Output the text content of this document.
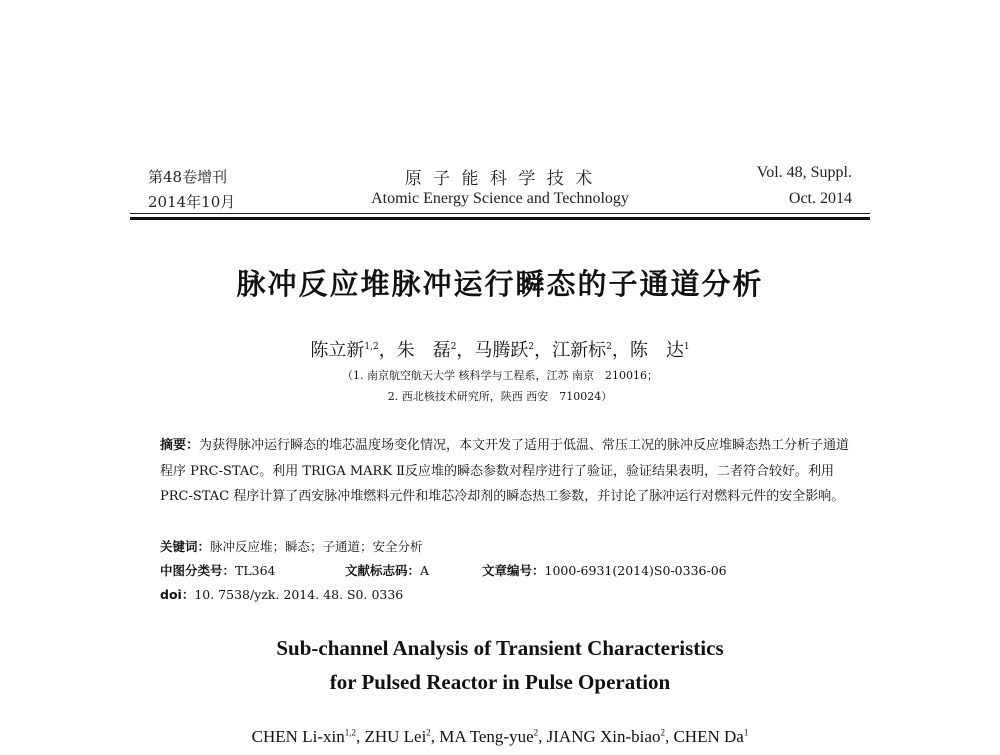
第48卷增刊
2014年10月
原 子 能 科 学 技 术
Atomic Energy Science and Technology
Vol. 48, Suppl.
Oct. 2014
脉冲反应堆脉冲运行瞬态的子通道分析
陈立新$^{1,2}$，朱　磊$^2$，马腾跃$^2$，江新标$^2$，陈　达$^1$
（1. 南京航空航天大学 核科学与工程系，江苏 南京　210016；
2. 西北核技术研究所，陕西 西安　710024）
摘要：为获得脉冲运行瞬态的堆芯温度场变化情况，本文开发了适用于低温、常压工况的脉冲反应堆瞬态热工分析子通道程序 PRC-STAC。利用 TRIGA MARK Ⅱ反应堆的瞬态参数对程序进行了验证，验证结果表明，二者符合较好。利用 PRC-STAC 程序计算了西安脉冲堆燃料元件和堆芯冷却剂的瞬态热工参数，并讨论了脉冲运行对燃料元件的安全影响。
关键词：脉冲反应堆；瞬态；子通道；安全分析
中图分类号：TL364	文献标志码：A	文章编号：1000-6931(2014)S0-0336-06
doi：10. 7538/yzk. 2014. 48. S0. 0336
Sub-channel Analysis of Transient Characteristics
for Pulsed Reactor in Pulse Operation
CHEN Li-xin$^{1,2}$, ZHU Lei$^2$, MA Teng-yue$^2$, JIANG Xin-biao$^2$, CHEN Da$^1$
